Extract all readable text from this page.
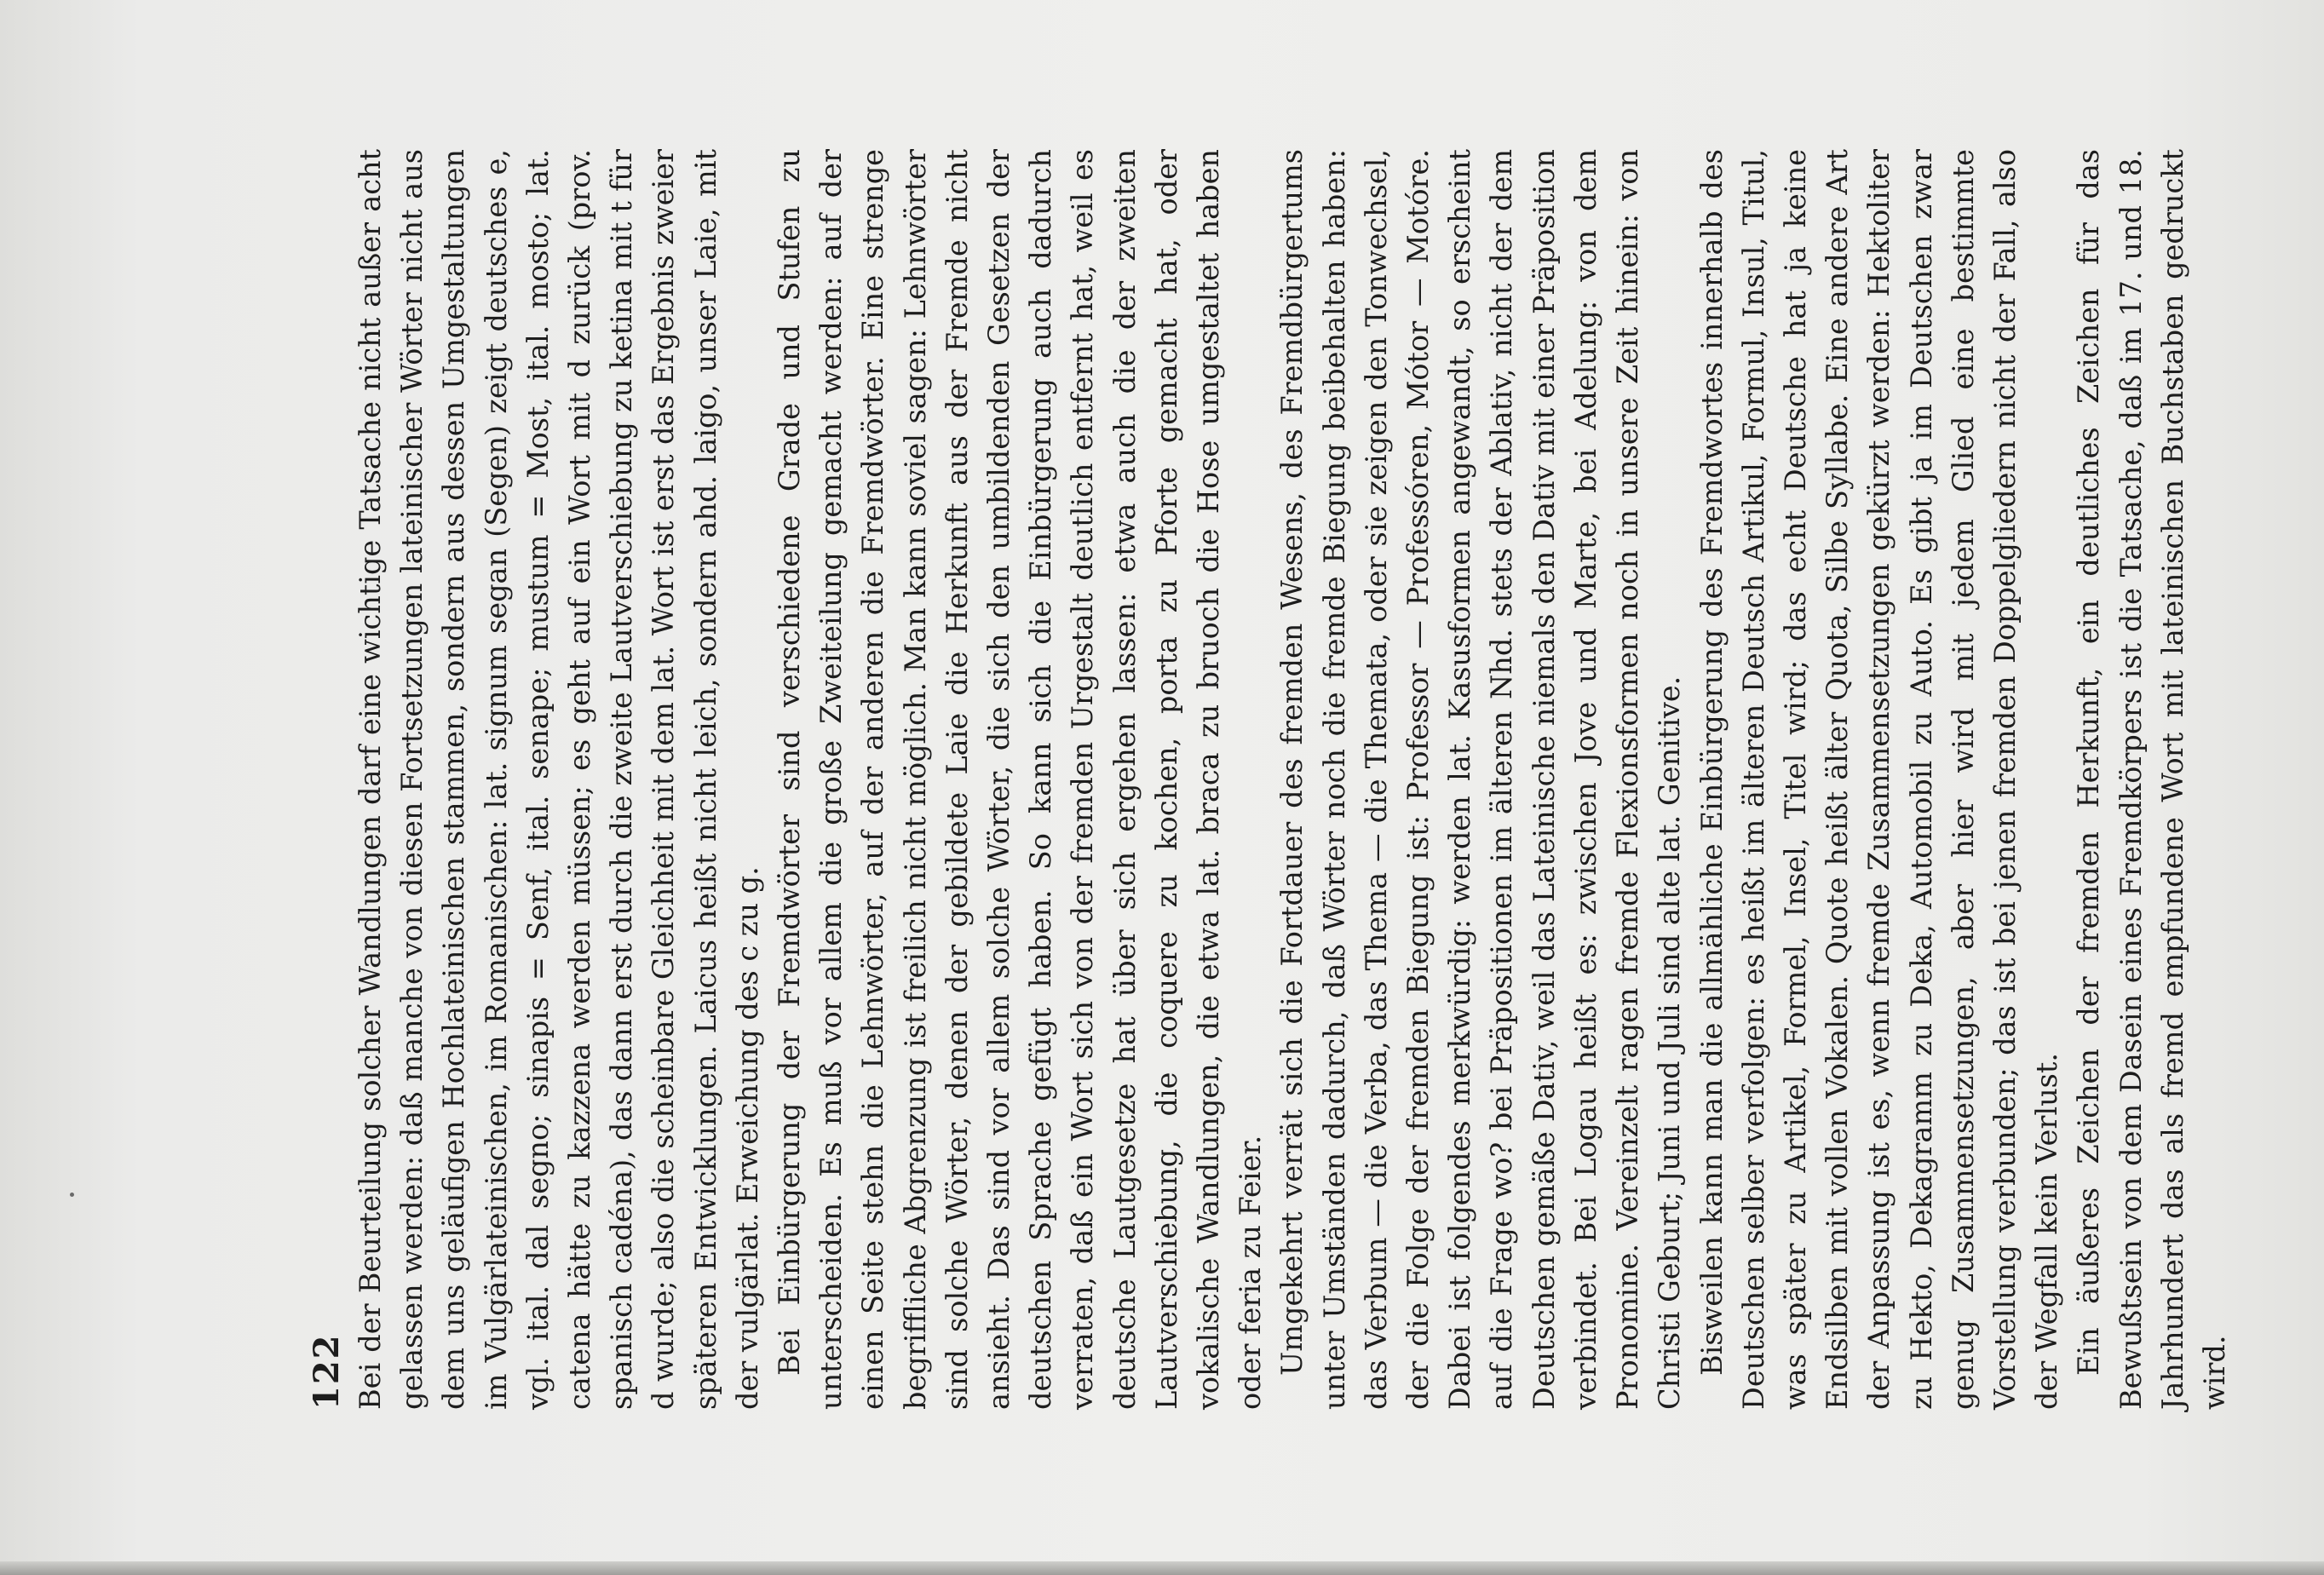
122 Bei der Beurteilung solcher Wandlungen darf eine wichtige Tatsache nicht außer acht gelassen werden: daß manche von diesen Fortsetzungen lateinischer Wörter nicht aus dem uns geläufigen Hochlateinischen stammen, sondern aus dessen Umgestaltungen im Vulgärlateinischen, im Romanischen: lat. signum segan (Segen) zeigt deutsches e, vgl. ital. dal segno; sinapis = Senf, ital. senape; mustum = Most, ital. mosto; lat. catena hätte zu kazzena werden müssen; es geht auf ein Wort mit d zurück (prov. spanisch cadéna), das dann erst durch die zweite Lautverschiebung zu ketina mit t für d wurde; also die scheinbare Gleichheit mit dem lat. Wort ist erst das Ergebnis zweier späteren Entwicklungen. Laicus heißt nicht leich, sondern ahd. laigo, unser Laie, mit der vulgärlat. Erweichung des c zu g. Bei Einbürgerung der Fremdwörter sind verschiedene Grade und Stufen zu unterscheiden. Es muß vor allem die große Zweiteilung gemacht werden: auf der einen Seite stehn die Lehnwörter, auf der anderen die Fremdwörter. Eine strenge begriffliche Abgrenzung ist freilich nicht möglich. Man kann soviel sagen: Lehnwörter sind solche Wörter, denen der gebildete Laie die Herkunft aus der Fremde nicht ansieht. Das sind vor allem solche Wörter, die sich den umbildenden Gesetzen der deutschen Sprache gefügt haben. So kann sich die Einbürgerung auch dadurch verraten, daß ein Wort sich von der fremden Urgestalt deutlich entfernt hat, weil es deutsche Lautgesetze hat über sich ergehen lassen: etwa auch die der zweiten Lautverschiebung, die coquere zu kochen, porta zu Pforte gemacht hat, oder vokalische Wandlungen, die etwa lat. braca zu bruoch die Hose umgestaltet haben oder feria zu Feier. Umgekehrt verrät sich die Fortdauer des fremden Wesens, des Fremdbürgertums unter Umständen dadurch, daß Wörter noch die fremde Biegung beibehalten haben: das Verbum — die Verba, das Thema — die Themata, oder sie zeigen den Tonwechsel, der die Folge der fremden Biegung ist: Professor — Professóren, Mótor — Motóre. Dabei ist folgendes merkwürdig: werden lat. Kasusformen angewandt, so erscheint auf die Frage wo? bei Präpositionen im älteren Nhd. stets der Ablativ, nicht der dem Deutschen gemäße Dativ, weil das Lateinische niemals den Dativ mit einer Präposition verbindet. Bei Logau heißt es: zwischen Jove und Marte, bei Adelung: von dem Pronomine. Vereinzelt ragen fremde Flexionsformen noch in unsere Zeit hinein: von Christi Geburt; Juni und Juli sind alte lat. Genitive. Bisweilen kann man die allmähliche Einbürgerung des Fremdwortes innerhalb des Deutschen selber verfolgen: es heißt im älteren Deutsch Artikul, Formul, Insul, Titul, was später zu Artikel, Formel, Insel, Titel wird; das echt Deutsche hat ja keine Endsilben mit vollen Vokalen. Quote heißt älter Quota, Silbe Syllabe. Eine andere Art der Anpassung ist es, wenn fremde Zusammensetzungen gekürzt werden: Hektoliter zu Hekto, Dekagramm zu Deka, Automobil zu Auto. Es gibt ja im Deutschen zwar genug Zusammensetzungen, aber hier wird mit jedem Glied eine bestimmte Vorstellung verbunden; das ist bei jenen fremden Doppelgliedern nicht der Fall, also der Wegfall kein Verlust. Ein äußeres Zeichen der fremden Herkunft, ein deutliches Zeichen für das Bewußtsein von dem Dasein eines Fremdkörpers ist die Tatsache, daß im 17. und 18. Jahrhundert das als fremd empfundene Wort mit lateinischen Buchstaben gedruckt wird.
